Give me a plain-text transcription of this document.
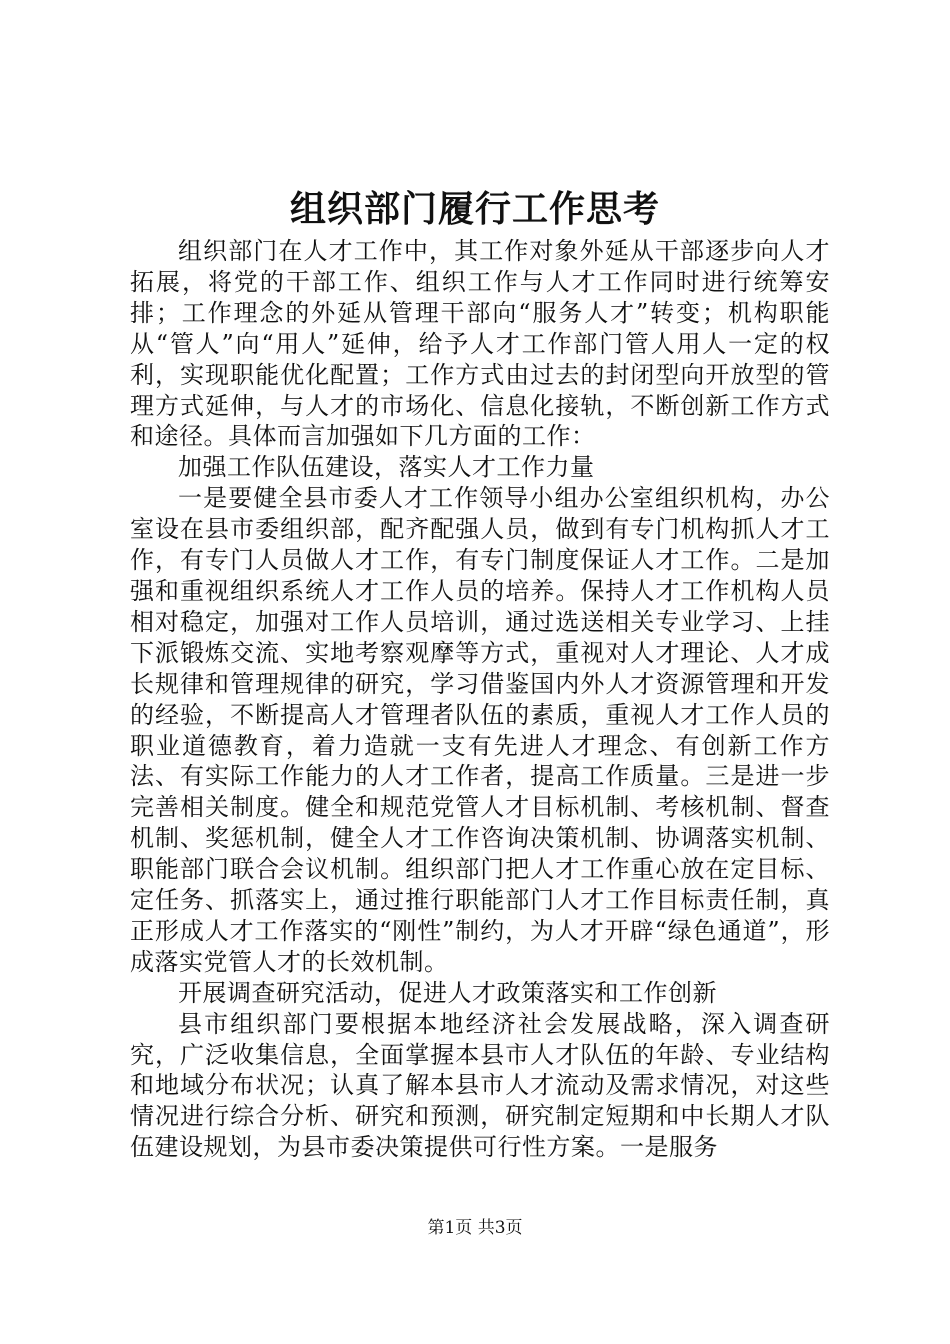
组织部门履行工作思考

组织部门在人才工作中，其工作对象外延从干部逐步向人才拓展，将党的干部工作、组织工作与人才工作同时进行统筹安排；工作理念的外延从管理干部向“服务人才”转变；机构职能从“管人”向“用人”延伸，给予人才工作部门管人用人一定的权利，实现职能优化配置；工作方式由过去的封闭型向开放型的管理方式延伸，与人才的市场化、信息化接轨，不断创新工作方式和途径。具体而言加强如下几方面的工作：

加强工作队伍建设，落实人才工作力量

一是要健全县市委人才工作领导小组办公室组织机构，办公室设在县市委组织部，配齐配强人员，做到有专门机构抓人才工作，有专门人员做人才工作，有专门制度保证人才工作。二是加强和重视组织系统人才工作人员的培养。保持人才工作机构人员相对稳定，加强对工作人员培训，通过选送相关专业学习、上挂下派锻炼交流、实地考察观摩等方式，重视对人才理论、人才成长规律和管理规律的研究，学习借鉴国内外人才资源管理和开发的经验，不断提高人才管理者队伍的素质，重视人才工作人员的职业道德教育，着力造就一支有先进人才理念、有创新工作方法、有实际工作能力的人才工作者，提高工作质量。三是进一步完善相关制度。健全和规范党管人才目标机制、考核机制、督查机制、奖惩机制，健全人才工作咨询决策机制、协调落实机制、职能部门联合会议机制。组织部门把人才工作重心放在定目标、定任务、抓落实上，通过推行职能部门人才工作目标责任制，真正形成人才工作落实的“刚性”制约，为人才开辟“绿色通道”，形成落实党管人才的长效机制。

开展调查研究活动，促进人才政策落实和工作创新

县市组织部门要根据本地经济社会发展战略，深入调查研究，广泛收集信息，全面掌握本县市人才队伍的年龄、专业结构和地域分布状况；认真了解本县市人才流动及需求情况，对这些情况进行综合分析、研究和预测，研究制定短期和中长期人才队伍建设规划，为县市委决策提供可行性方案。一是服务

第1页 共3页
